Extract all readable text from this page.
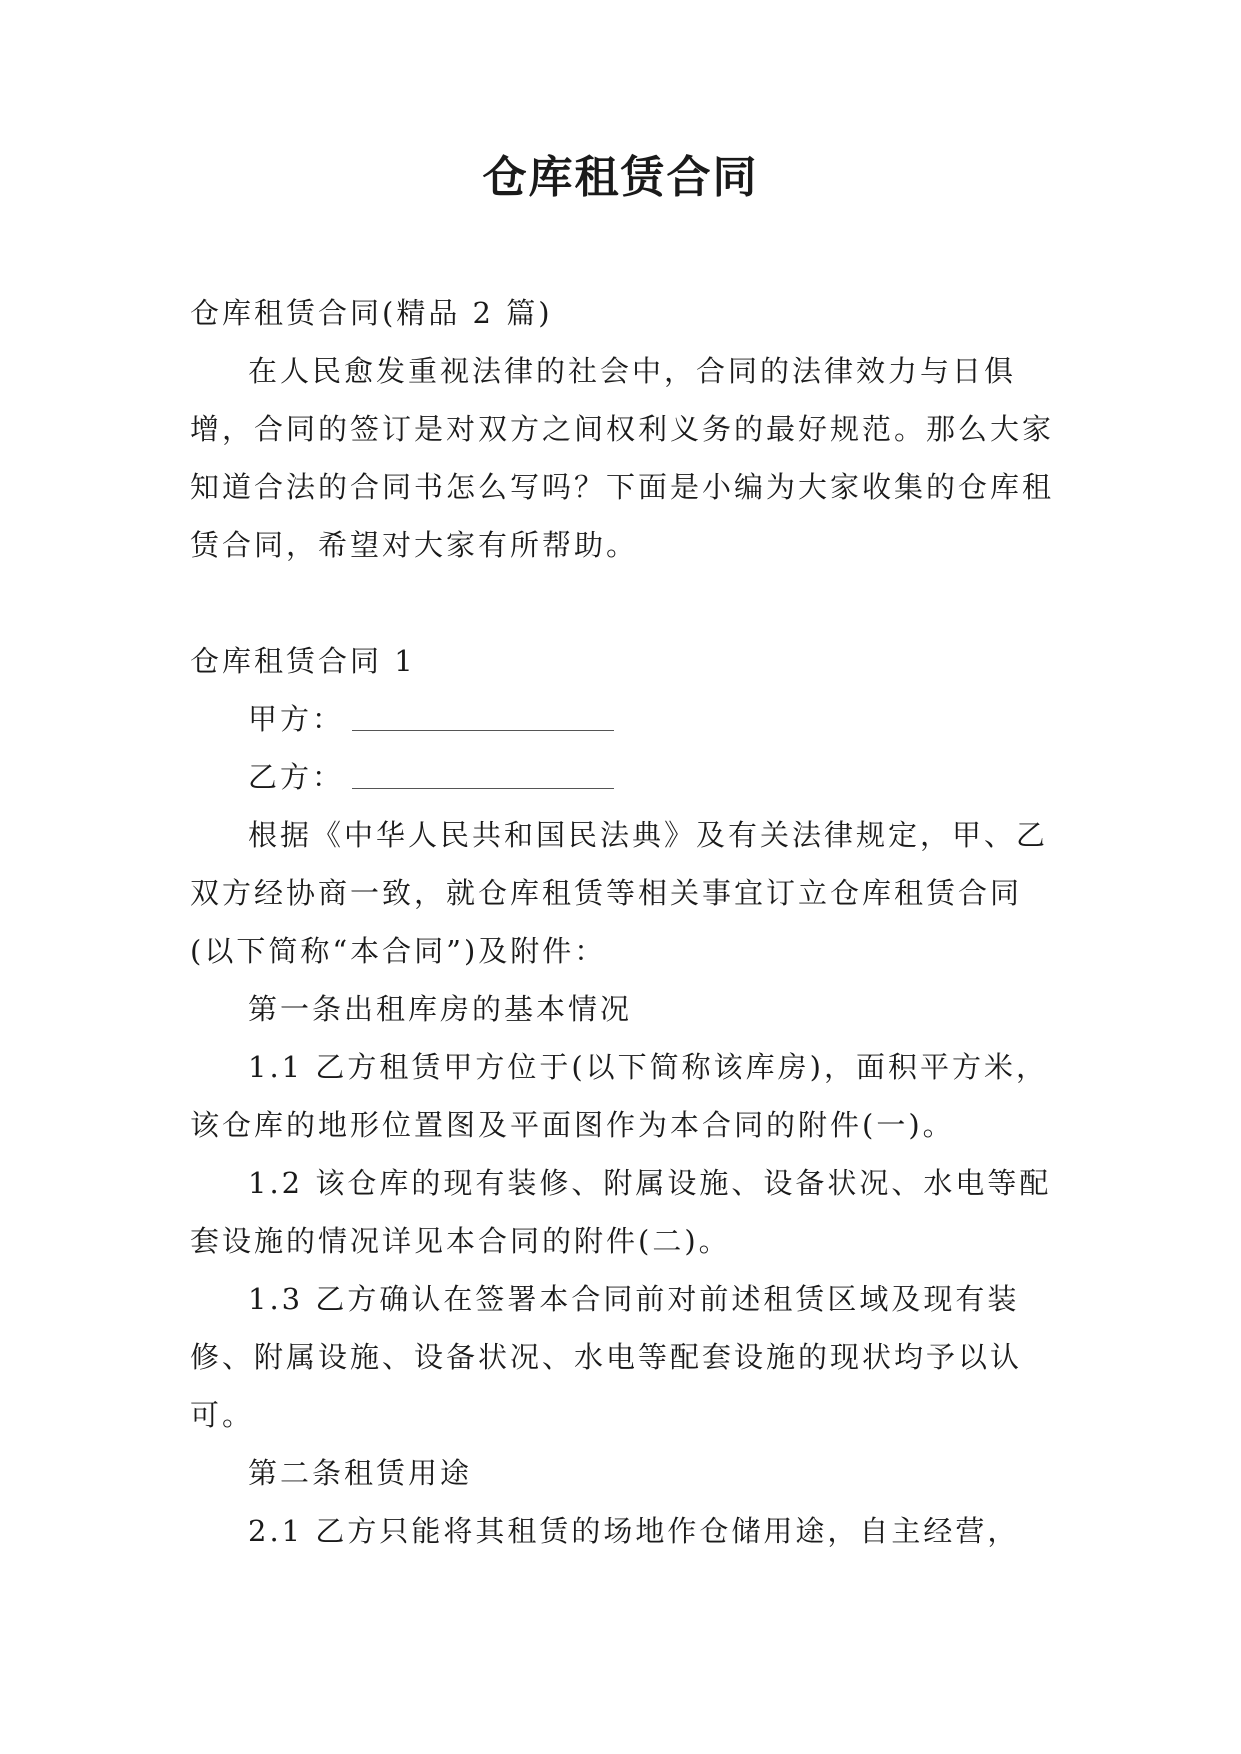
仓库租赁合同

仓库租赁合同(精品 2 篇)

在人民愈发重视法律的社会中，合同的法律效力与日俱增，合同的签订是对双方之间权利义务的最好规范。那么大家知道合法的合同书怎么写吗？下面是小编为大家收集的仓库租赁合同，希望对大家有所帮助。

仓库租赁合同 1

甲方：

乙方：

根据《中华人民共和国民法典》及有关法律规定，甲、乙双方经协商一致，就仓库租赁等相关事宜订立仓库租赁合同(以下简称“本合同”)及附件：

第一条出租库房的基本情况

1.1 乙方租赁甲方位于(以下简称该库房)，面积平方米，该仓库的地形位置图及平面图作为本合同的附件(一)。

1.2 该仓库的现有装修、附属设施、设备状况、水电等配套设施的情况详见本合同的附件(二)。

1.3 乙方确认在签署本合同前对前述租赁区域及现有装修、附属设施、设备状况、水电等配套设施的现状均予以认可。

第二条租赁用途

2.1 乙方只能将其租赁的场地作仓储用途，自主经营，
